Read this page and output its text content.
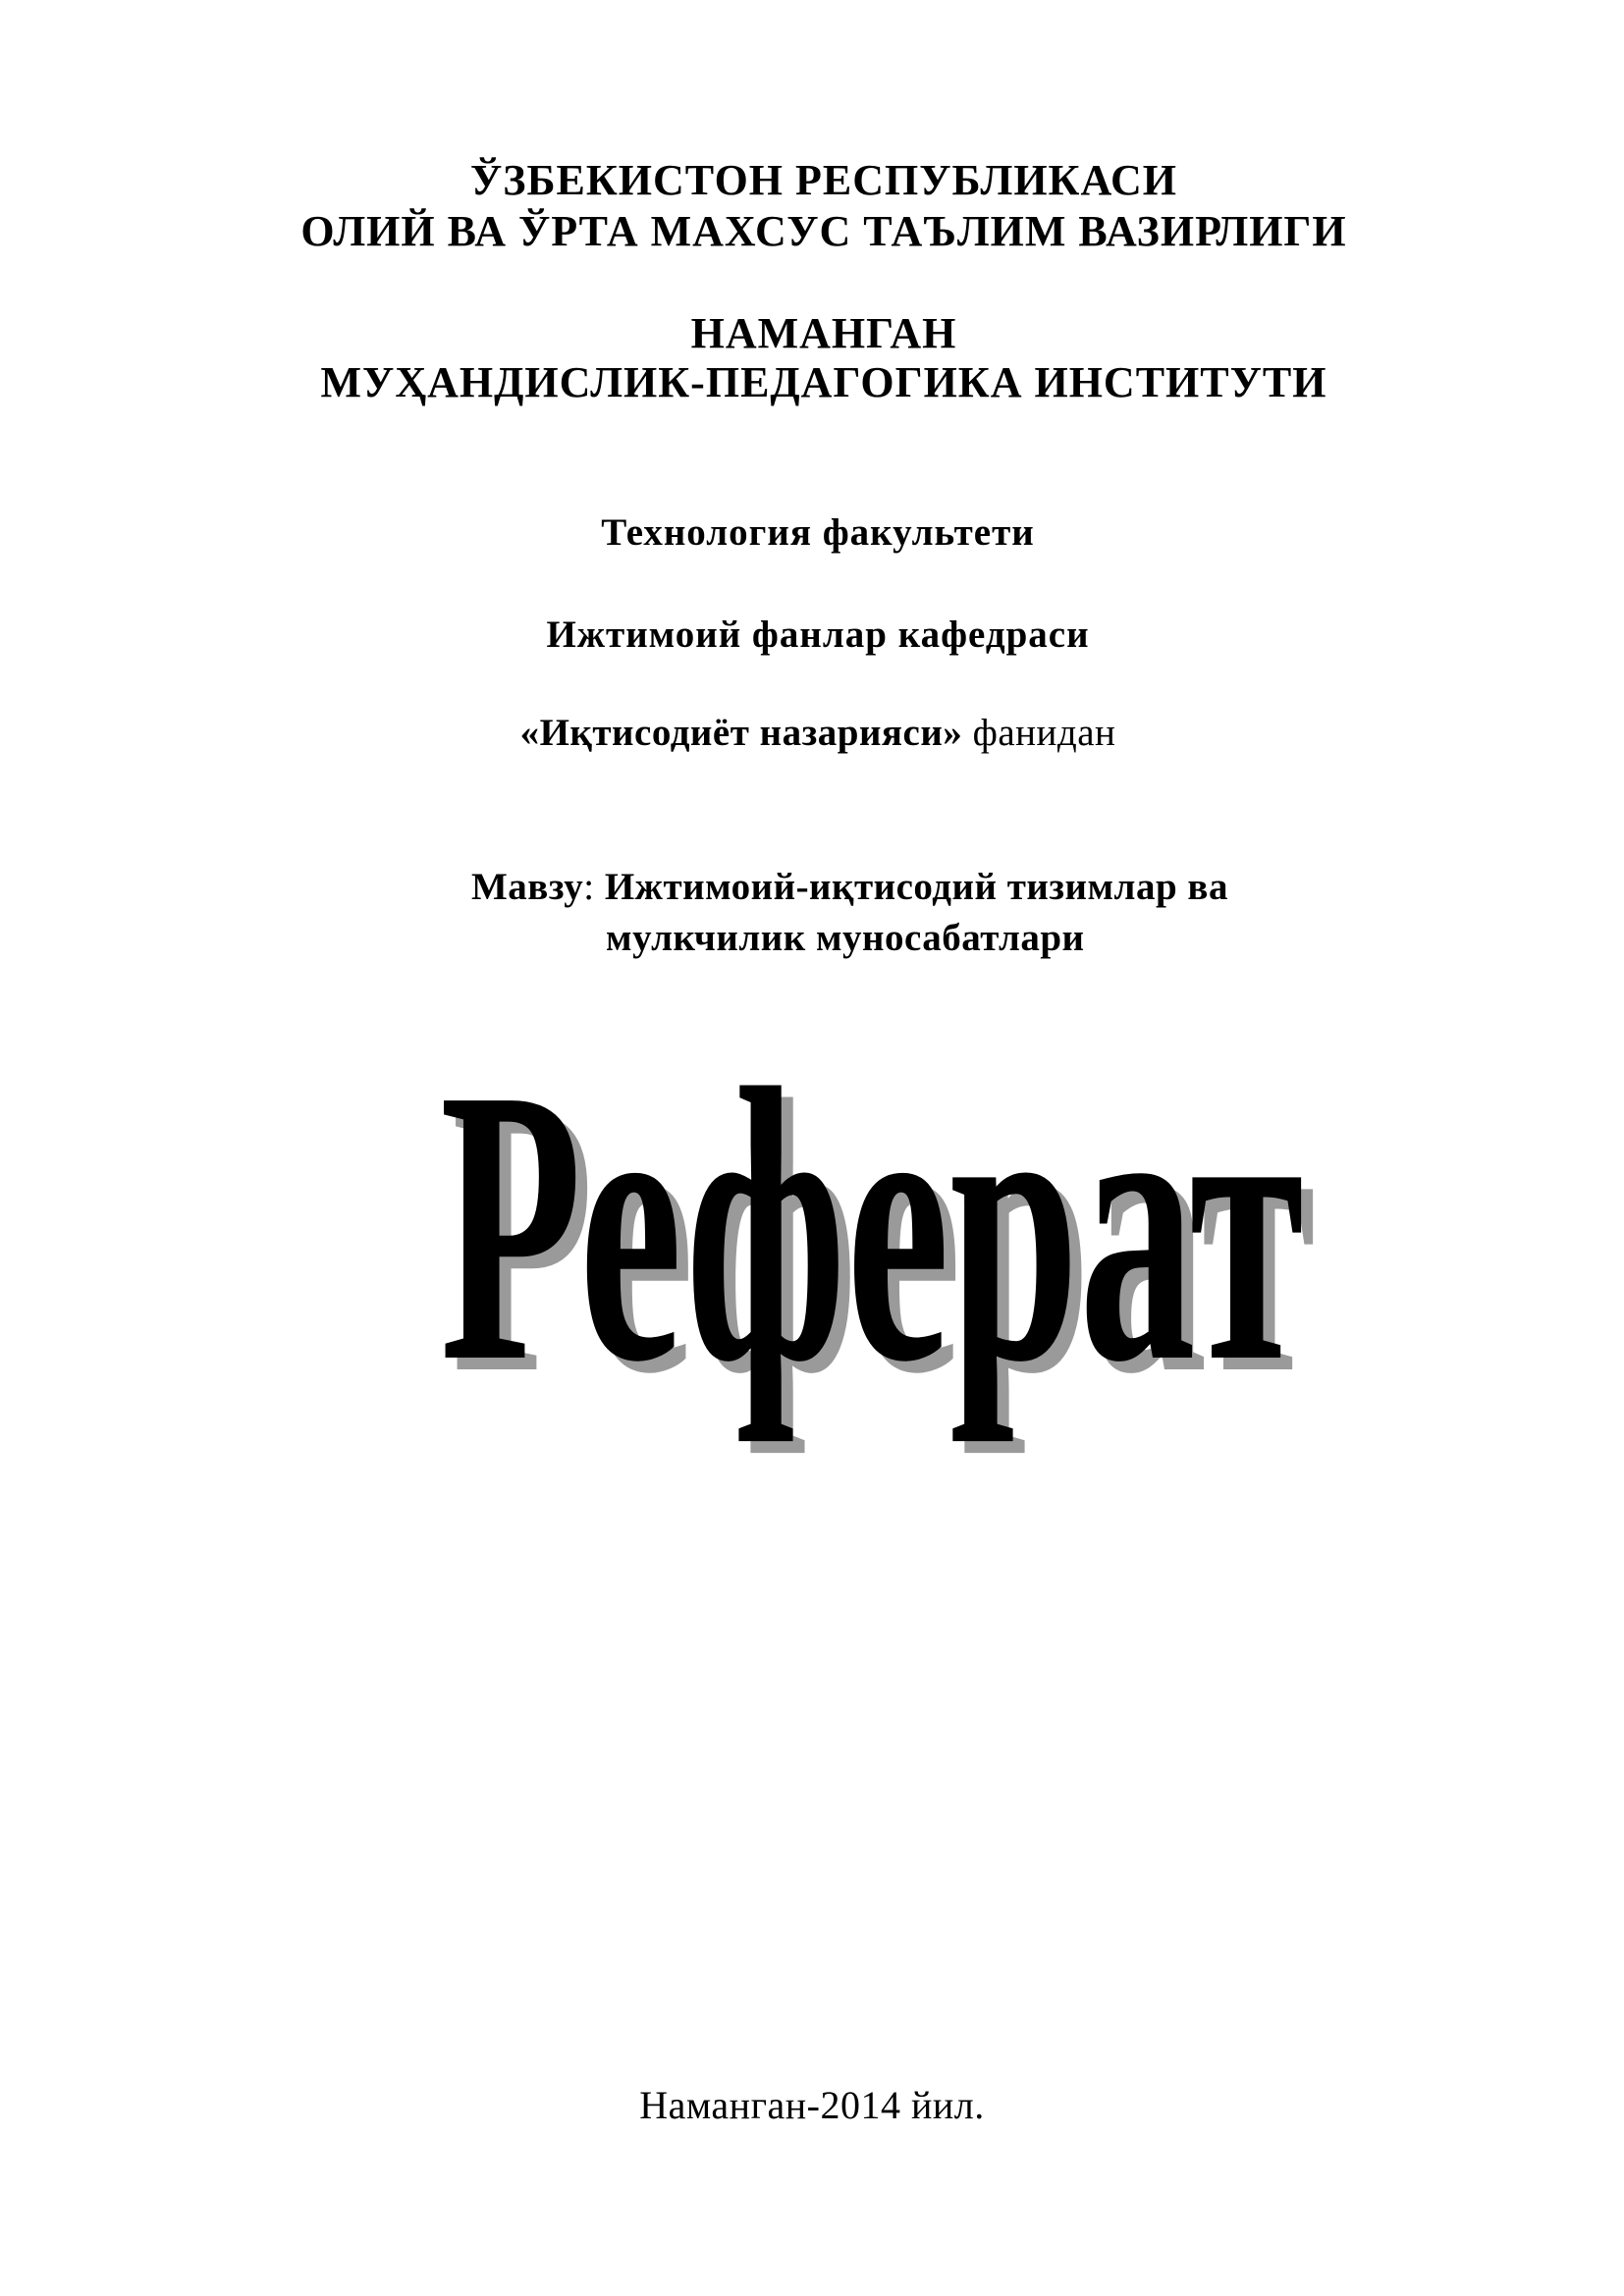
ЎЗБЕКИСТОН РЕСПУБЛИКАСИ
ОЛИЙ ВА ЎРТА МАХСУС ТАЪЛИМ ВАЗИРЛИГИ
НАМАНГАН
МУҲАНДИСЛИК-ПЕДАГОГИКА ИНСТИТУТИ
Технология факультети
Ижтимоий фанлар кафедраси
«Иқтисодиёт назарияси» фанидан
Мавзу: Ижтимоий-иқтисодий тизимлар ва
мулкчилик муносабатлари
Реферат
Реферат
Наманган-2014 йил.
